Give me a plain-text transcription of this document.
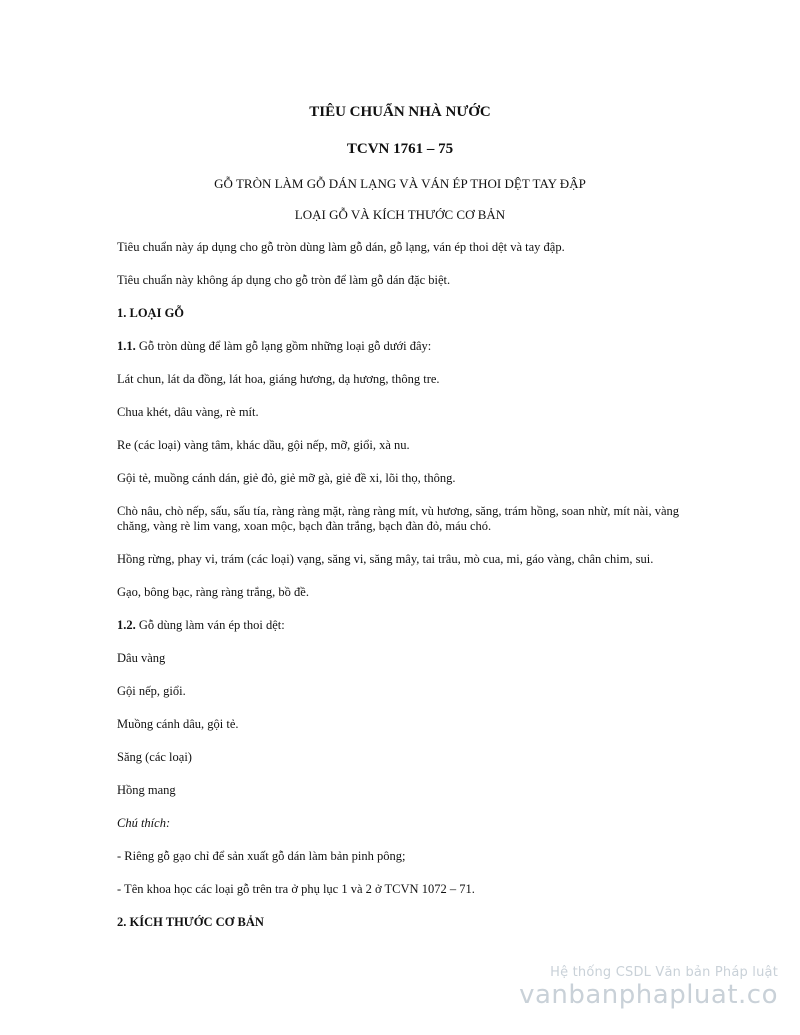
TIÊU CHUẨN NHÀ NƯỚC
TCVN 1761 – 75
GỖ TRÒN LÀM GỖ DÁN LẠNG VÀ VÁN ÉP THOI DỆT TAY ĐẬP
LOẠI GỖ VÀ KÍCH THƯỚC CƠ BẢN

Tiêu chuẩn này áp dụng cho gỗ tròn dùng làm gỗ dán, gỗ lạng, ván ép thoi dệt và tay đập.

Tiêu chuẩn này không áp dụng cho gỗ tròn để làm gỗ dán đặc biệt.

1. LOẠI GỖ

1.1. Gỗ tròn dùng để làm gỗ lạng gồm những loại gỗ dưới đây:

Lát chun, lát da đồng, lát hoa, giáng hương, dạ hương, thông tre.

Chua khét, dâu vàng, rè mít.

Re (các loại) vàng tâm, khác dầu, gội nếp, mỡ, giổi, xà nu.

Gội tẻ, muồng cánh dán, giẻ đỏ, giẻ mỡ gà, giẻ đề xi, lõi thọ, thông.

Chò nâu, chò nếp, sấu, sấu tía, ràng ràng mặt, ràng ràng mít, vù hương, săng, trám hồng, soan nhừ, mít nài, vàng chăng, vàng rè lim vang, xoan mộc, bạch đàn trắng, bạch đàn đỏ, máu chó.

Hồng rừng, phay vi, trám (các loại) vạng, săng vi, săng mây, tai trâu, mò cua, mi, gáo vàng, chân chim, sui.

Gạo, bông bạc, ràng ràng trắng, bồ đề.

1.2. Gỗ dùng làm ván ép thoi dệt:

Dâu vàng

Gội nếp, giổi.

Muồng cánh dâu, gội tẻ.

Săng (các loại)

Hồng mang

Chú thích:

- Riêng gỗ gạo chỉ để sản xuất gỗ dán làm bản pinh pông;

- Tên khoa học các loại gỗ trên tra ở phụ lục 1 và 2 ở TCVN 1072 – 71.

2. KÍCH THƯỚC CƠ BẢN

Hệ thống CSDL Văn bản Pháp luật
vanbanphapluat.co
